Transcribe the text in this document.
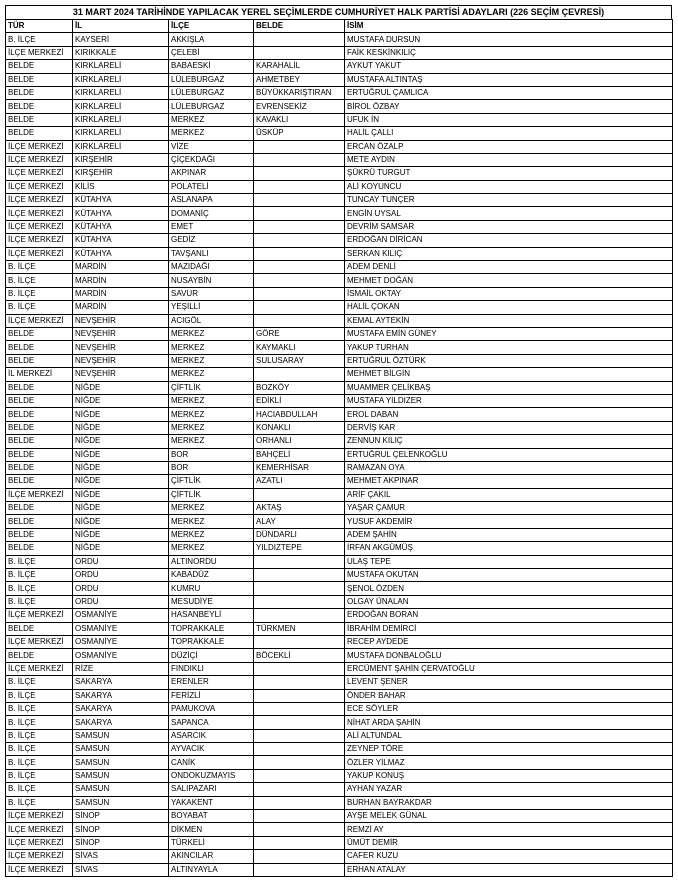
31 MART 2024 TARİHİNDE YAPILACAK YEREL SEÇİMLERDE CUMHURİYET HALK PARTİSİ ADAYLARI (226 SEÇİM ÇEVRESİ)
TÜR	İL	İLÇE	BELDE	İSİM
B. İLÇE	KAYSERİ	AKKIŞLA		MUSTAFA DURSUN
İLÇE MERKEZİ	KIRIKKALE	ÇELEBİ		FAİK KESKİNKILIÇ
BELDE	KIRKLARELİ	BABAESKİ	KARAHALİL	AYKUT YAKUT
BELDE	KIRKLARELİ	LÜLEBURGAZ	AHMETBEY	MUSTAFA ALTINTAŞ
BELDE	KIRKLARELİ	LÜLEBURGAZ	BÜYÜKKARIŞTIRAN	ERTUĞRUL ÇAMLICA
BELDE	KIRKLARELİ	LÜLEBURGAZ	EVRENSEKİZ	BİROL ÖZBAY
BELDE	KIRKLARELİ	MERKEZ	KAVAKLI	UFUK İN
BELDE	KIRKLARELİ	MERKEZ	ÜSKÜP	HALİL ÇALLI
İLÇE MERKEZİ	KIRKLARELİ	VİZE		ERCAN ÖZALP
İLÇE MERKEZİ	KIRŞEHİR	ÇİÇEKDAĞI		METE AYDIN
İLÇE MERKEZİ	KIRŞEHİR	AKPINAR		ŞÜKRÜ TURGUT
İLÇE MERKEZİ	KİLİS	POLATELİ		ALİ KOYUNCU
İLÇE MERKEZİ	KÜTAHYA	ASLANAPA		TUNCAY TUNÇER
İLÇE MERKEZİ	KÜTAHYA	DOMANİÇ		ENGİN UYSAL
İLÇE MERKEZİ	KÜTAHYA	EMET		DEVRİM SAMSAR
İLÇE MERKEZİ	KÜTAHYA	GEDİZ		ERDOĞAN DİRİCAN
İLÇE MERKEZİ	KÜTAHYA	TAVŞANLI		SERKAN KILIÇ
B. İLÇE	MARDİN	MAZIDAĞI		ADEM DENLİ
B. İLÇE	MARDİN	NUSAYBİN		MEHMET DOĞAN
B. İLÇE	MARDİN	SAVUR		İSMAİL OKTAY
B. İLÇE	MARDİN	YEŞİLLİ		HALİL ÇOKAN
İLÇE MERKEZİ	NEVŞEHİR	ACIGÖL		KEMAL AYTEKİN
BELDE	NEVŞEHİR	MERKEZ	GÖRE	MUSTAFA EMİN GÜNEY
BELDE	NEVŞEHİR	MERKEZ	KAYMAKLI	YAKUP TURHAN
BELDE	NEVŞEHİR	MERKEZ	SULUSARAY	ERTUĞRUL ÖZTÜRK
İL MERKEZİ	NEVŞEHİR	MERKEZ		MEHMET BİLGİN
BELDE	NİĞDE	ÇİFTLİK	BOZKÖY	MUAMMER ÇELİKBAŞ
BELDE	NİĞDE	MERKEZ	EDİKLİ	MUSTAFA YILDIZER
BELDE	NİĞDE	MERKEZ	HACIABDULLAH	EROL DABAN
BELDE	NİĞDE	MERKEZ	KONAKLI	DERVİŞ KAR
BELDE	NİĞDE	MERKEZ	ORHANLI	ZENNUN KILIÇ
BELDE	NİĞDE	BOR	BAHÇELİ	ERTUĞRUL ÇELENKOĞLU
BELDE	NİĞDE	BOR	KEMERHİSAR	RAMAZAN OYA
BELDE	NİĞDE	ÇİFTLİK	AZATLI	MEHMET AKPINAR
İLÇE MERKEZİ	NİĞDE	ÇİFTLİK		ARİF ÇAKIL
BELDE	NİĞDE	MERKEZ	AKTAŞ	YAŞAR ÇAMUR
BELDE	NİĞDE	MERKEZ	ALAY	YUSUF AKDEMİR
BELDE	NİĞDE	MERKEZ	DÜNDARLI	ADEM ŞAHİN
BELDE	NİĞDE	MERKEZ	YILDIZTEPE	İRFAN AKGÜMÜŞ
B. İLÇE	ORDU	ALTINORDU		ULAŞ TEPE
B. İLÇE	ORDU	KABADÜZ		MUSTAFA OKUTAN
B. İLÇE	ORDU	KUMRU		ŞENOL ÖZDEN
B. İLÇE	ORDU	MESUDİYE		OLGAY ÜNALAN
İLÇE MERKEZİ	OSMANİYE	HASANBEYLİ		ERDOĞAN BORAN
BELDE	OSMANİYE	TOPRAKKALE	TÜRKMEN	İBRAHİM DEMİRCİ
İLÇE MERKEZİ	OSMANİYE	TOPRAKKALE		RECEP AYDEDE
BELDE	OSMANİYE	DÜZİÇİ	BÖCEKLİ	MUSTAFA DONBALOĞLU
İLÇE MERKEZİ	RİZE	FINDIKLI		ERCÜMENT ŞAHİN ÇERVATOĞLU
B. İLÇE	SAKARYA	ERENLER		LEVENT ŞENER
B. İLÇE	SAKARYA	FERİZLİ		ÖNDER BAHAR
B. İLÇE	SAKARYA	PAMUKOVA		ECE SÖYLER
B. İLÇE	SAKARYA	SAPANCA		NİHAT ARDA ŞAHİN
B. İLÇE	SAMSUN	ASARCIK		ALİ ALTUNDAL
B. İLÇE	SAMSUN	AYVACIK		ZEYNEP TÖRE
B. İLÇE	SAMSUN	CANİK		ÖZLER YILMAZ
B. İLÇE	SAMSUN	ONDOKUZMAYIS		YAKUP KONUŞ
B. İLÇE	SAMSUN	SALIPAZARI		AYHAN YAZAR
B. İLÇE	SAMSUN	YAKAKENT		BURHAN BAYRAKDAR
İLÇE MERKEZİ	SİNOP	BOYABAT		AYŞE MELEK GÜNAL
İLÇE MERKEZİ	SİNOP	DİKMEN		REMZİ AY
İLÇE MERKEZİ	SİNOP	TÜRKELİ		ÜMÜT DEMİR
İLÇE MERKEZİ	SİVAS	AKINCILAR		CAFER KUZU
İLÇE MERKEZİ	SİVAS	ALTINYAYLA		ERHAN ATALAY
